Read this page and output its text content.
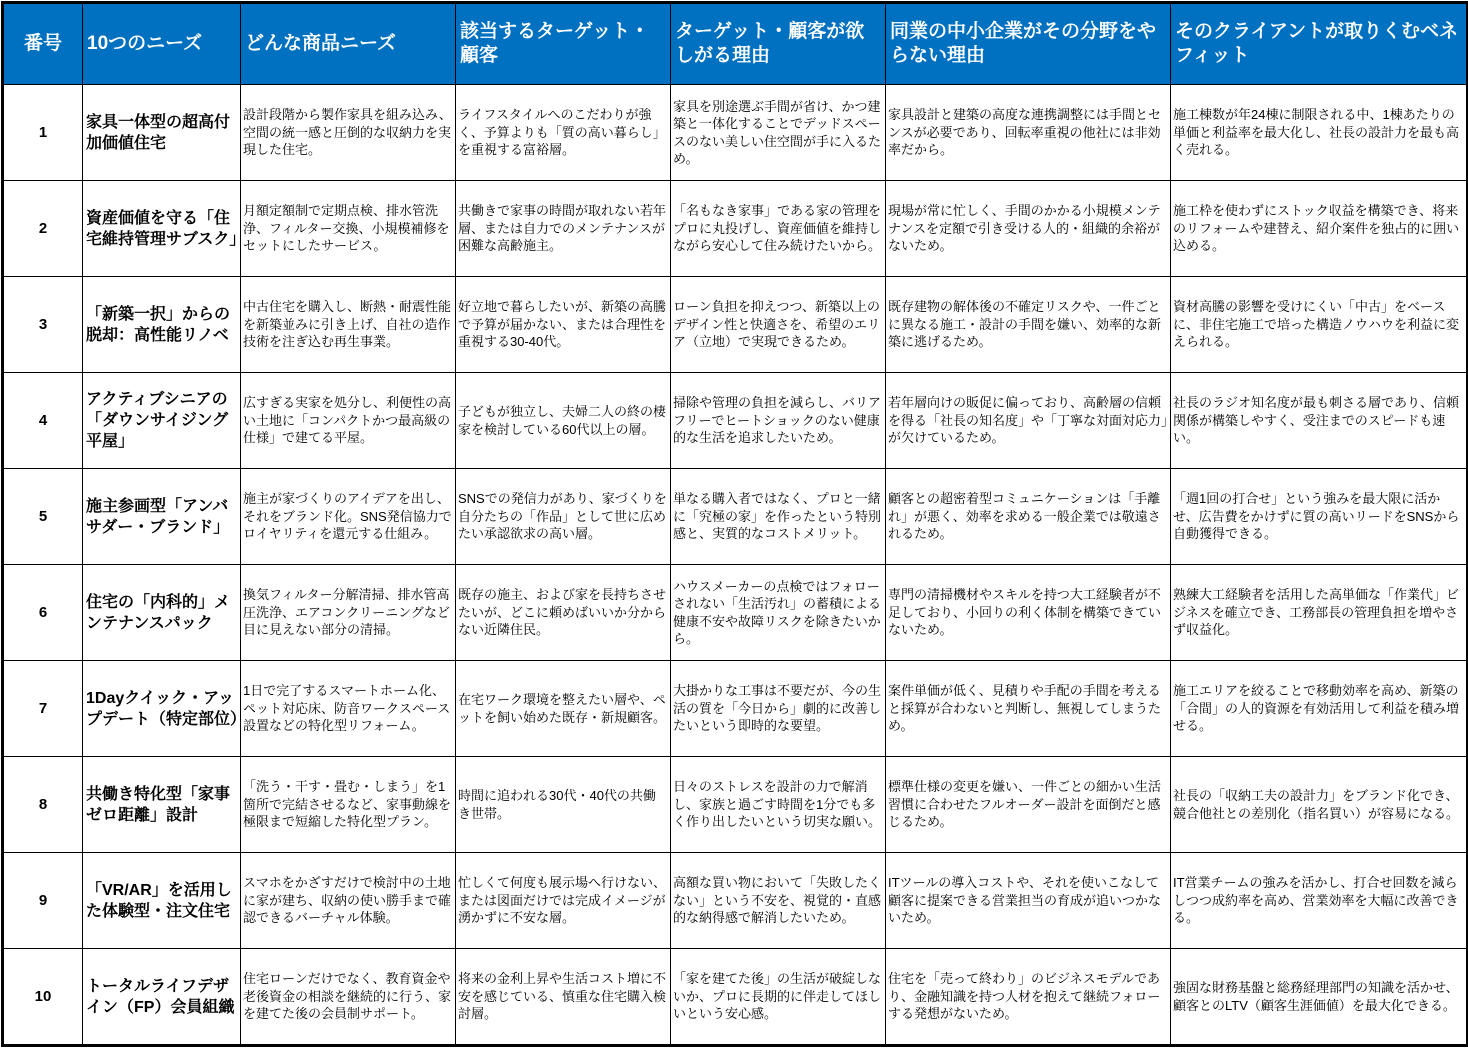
番号	10つのニーズ	どんな商品ニーズ	該当するターゲット・顧客	ターゲット・顧客が欲しがる理由	同業の中小企業がその分野をやらない理由	そのクライアントが取りくむベネフィット
1	家具一体型の超高付加価値住宅	設計段階から製作家具を組み込み、空間の統一感と圧倒的な収納力を実現した住宅。	ライフスタイルへのこだわりが強く、予算よりも「質の高い暮らし」を重視する富裕層。	家具を別途選ぶ手間が省け、かつ建築と一体化することでデッドスペースのない美しい住空間が手に入るため。	家具設計と建築の高度な連携調整には手間とセンスが必要であり、回転率重視の他社には非効率だから。	施工棟数が年24棟に制限される中、1棟あたりの単価と利益率を最大化し、社長の設計力を最も高く売れる。
2	資産価値を守る「住宅維持管理サブスク」	月額定額制で定期点検、排水管洗浄、フィルター交換、小規模補修をセットにしたサービス。	共働きで家事の時間が取れない若年層、または自力でのメンテナンスが困難な高齢施主。	「名もなき家事」である家の管理をプロに丸投げし、資産価値を維持しながら安心して住み続けたいから。	現場が常に忙しく、手間のかかる小規模メンテナンスを定額で引き受ける人的・組織的余裕がないため。	施工枠を使わずにストック収益を構築でき、将来のリフォームや建替え、紹介案件を独占的に囲い込める。
3	「新築一択」からの脱却：高性能リノベ	中古住宅を購入し、断熱・耐震性能を新築並みに引き上げ、自社の造作技術を注ぎ込む再生事業。	好立地で暮らしたいが、新築の高騰で予算が届かない、または合理性を重視する30-40代。	ローン負担を抑えつつ、新築以上のデザイン性と快適さを、希望のエリア（立地）で実現できるため。	既存建物の解体後の不確定リスクや、一件ごとに異なる施工・設計の手間を嫌い、効率的な新築に逃げるため。	資材高騰の影響を受けにくい「中古」をベースに、非住宅施工で培った構造ノウハウを利益に変えられる。
4	アクティブシニアの「ダウンサイジング平屋」	広すぎる実家を処分し、利便性の高い土地に「コンパクトかつ最高級の仕様」で建てる平屋。	子どもが独立し、夫婦二人の終の棲家を検討している60代以上の層。	掃除や管理の負担を減らし、バリアフリーでヒートショックのない健康的な生活を追求したいため。	若年層向けの販促に偏っており、高齢層の信頼を得る「社長の知名度」や「丁寧な対面対応力」が欠けているため。	社長のラジオ知名度が最も刺さる層であり、信頼関係が構築しやすく、受注までのスピードも速い。
5	施主参画型「アンバサダー・ブランド」	施主が家づくりのアイデアを出し、それをブランド化。SNS発信協力でロイヤリティを還元する仕組み。	SNSでの発信力があり、家づくりを自分たちの「作品」として世に広めたい承認欲求の高い層。	単なる購入者ではなく、プロと一緒に「究極の家」を作ったという特別感と、実質的なコストメリット。	顧客との超密着型コミュニケーションは「手離れ」が悪く、効率を求める一般企業では敬遠されるため。	「週1回の打合せ」という強みを最大限に活かせ、広告費をかけずに質の高いリードをSNSから自動獲得できる。
6	住宅の「内科的」メンテナンスパック	換気フィルター分解清掃、排水管高圧洗浄、エアコンクリーニングなど目に見えない部分の清掃。	既存の施主、および家を長持ちさせたいが、どこに頼めばいいか分からない近隣住民。	ハウスメーカーの点検ではフォローされない「生活汚れ」の蓄積による健康不安や故障リスクを除きたいから。	専門の清掃機材やスキルを持つ大工経験者が不足しており、小回りの利く体制を構築できていないため。	熟練大工経験者を活用した高単価な「作業代」ビジネスを確立でき、工務部長の管理負担を増やさず収益化。
7	1Dayクイック・アップデート（特定部位）	1日で完了するスマートホーム化、ペット対応床、防音ワークスペース設置などの特化型リフォーム。	在宅ワーク環境を整えたい層や、ペットを飼い始めた既存・新規顧客。	大掛かりな工事は不要だが、今の生活の質を「今日から」劇的に改善したいという即時的な要望。	案件単価が低く、見積りや手配の手間を考えると採算が合わないと判断し、無視してしまうため。	施工エリアを絞ることで移動効率を高め、新築の「合間」の人的資源を有効活用して利益を積み増せる。
8	共働き特化型「家事ゼロ距離」設計	「洗う・干す・畳む・しまう」を1箇所で完結させるなど、家事動線を極限まで短縮した特化型プラン。	時間に追われる30代・40代の共働き世帯。	日々のストレスを設計の力で解消し、家族と過ごす時間を1分でも多く作り出したいという切実な願い。	標準仕様の変更を嫌い、一件ごとの細かい生活習慣に合わせたフルオーダー設計を面倒だと感じるため。	社長の「収納工夫の設計力」をブランド化でき、競合他社との差別化（指名買い）が容易になる。
9	「VR/AR」を活用した体験型・注文住宅	スマホをかざすだけで検討中の土地に家が建ち、収納の使い勝手まで確認できるバーチャル体験。	忙しくて何度も展示場へ行けない、または図面だけでは完成イメージが湧かずに不安な層。	高額な買い物において「失敗したくない」という不安を、視覚的・直感的な納得感で解消したいため。	ITツールの導入コストや、それを使いこなして顧客に提案できる営業担当の育成が追いつかないため。	IT営業チームの強みを活かし、打合せ回数を減らしつつ成約率を高め、営業効率を大幅に改善できる。
10	トータルライフデザイン（FP）会員組織	住宅ローンだけでなく、教育資金や老後資金の相談を継続的に行う、家を建てた後の会員制サポート。	将来の金利上昇や生活コスト増に不安を感じている、慎重な住宅購入検討層。	「家を建てた後」の生活が破綻しないか、プロに長期的に伴走してほしいという安心感。	住宅を「売って終わり」のビジネスモデルであり、金融知識を持つ人材を抱えて継続フォローする発想がないため。	強固な財務基盤と総務経理部門の知識を活かせ、顧客とのLTV（顧客生涯価値）を最大化できる。
